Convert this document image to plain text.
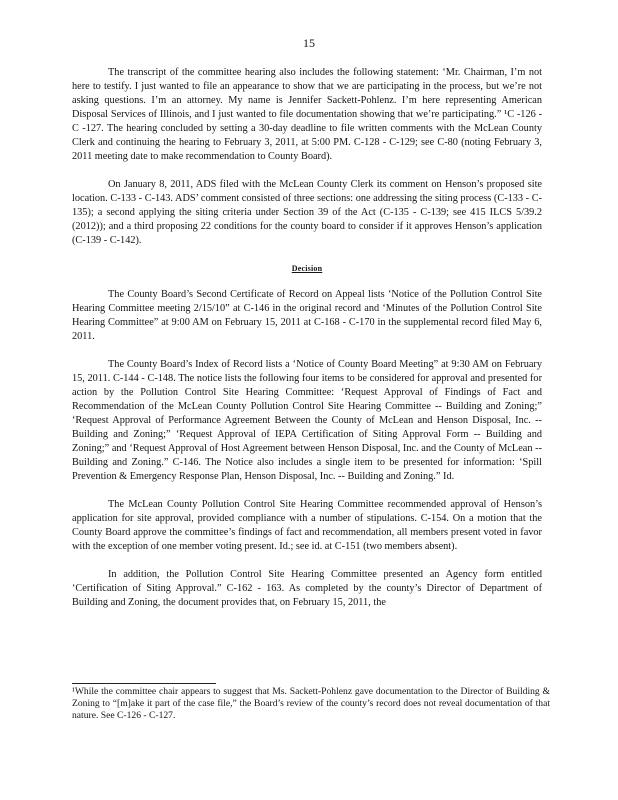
15

The transcript of the committee hearing also includes the following statement: ‘Mr. Chairman, I’m not here to testify. I just wanted to file an appearance to show that we are participating in the process, but we’re not asking questions. I’m an attorney. My name is Jennifer Sackett-Pohlenz. I’m here representing American Disposal Services of Illinois, and I just wanted to file documentation showing that we’re participating.” ¹C -126 - C -127. The hearing concluded by setting a 30-day deadline to file written comments with the McLean County Clerk and continuing the hearing to February 3, 2011, at 5:00 PM. C-128 - C-129; see C-80 (noting February 3, 2011 meeting date to make recommendation to County Board).

On January 8, 2011, ADS filed with the McLean County Clerk its comment on Henson’s proposed site location. C-133 - C-143. ADS’ comment consisted of three sections: one addressing the siting process (C-133 - C-135); a second applying the siting criteria under Section 39 of the Act (C-135 - C-139; see 415 ILCS 5/39.2 (2012)); and a third proposing 22 conditions for the county board to consider if it approves Henson’s application (C-139 - C-142).

Decision

The County Board’s Second Certificate of Record on Appeal lists ‘Notice of the Pollution Control Site Hearing Committee meeting 2/15/10” at C-146 in the original record and ‘Minutes of the Pollution Control Site Hearing Committee” at 9:00 AM on February 15, 2011 at C-168 - C-170 in the supplemental record filed May 6, 2011.

The County Board’s Index of Record lists a ‘Notice of County Board Meeting” at 9:30 AM on February 15, 2011. C-144 - C-148. The notice lists the following four items to be considered for approval and presented for action by the Pollution Control Site Hearing Committee: ‘Request Approval of Findings of Fact and Recommendation of the McLean County Pollution Control Site Hearing Committee -- Building and Zoning;” ‘Request Approval of Performance Agreement Between the County of McLean and Henson Disposal, Inc. -- Building and Zoning;” ‘Request Approval of IEPA Certification of Siting Approval Form -- Building and Zoning;” and ‘Request Approval of Host Agreement between Henson Disposal, Inc. and the County of McLean -- Building and Zoning.” C-146. The Notice also includes a single item to be presented for information: ‘Spill Prevention & Emergency Response Plan, Henson Disposal, Inc. -- Building and Zoning.” Id.

The McLean County Pollution Control Site Hearing Committee recommended approval of Henson’s application for site approval, provided compliance with a number of stipulations. C-154. On a motion that the County Board approve the committee’s findings of fact and recommendation, all members present voted in favor with the exception of one member voting present. Id.; see id. at C-151 (two members absent).

In addition, the Pollution Control Site Hearing Committee presented an Agency form entitled ‘Certification of Siting Approval.” C-162 - 163. As completed by the county’s Director of Department of Building and Zoning, the document provides that, on February 15, 2011, the

¹While the committee chair appears to suggest that Ms. Sackett-Pohlenz gave documentation to the Director of Building & Zoning to “[m]ake it part of the case file,” the Board’s review of the county’s record does not reveal documentation of that nature. See C-126 - C-127.
